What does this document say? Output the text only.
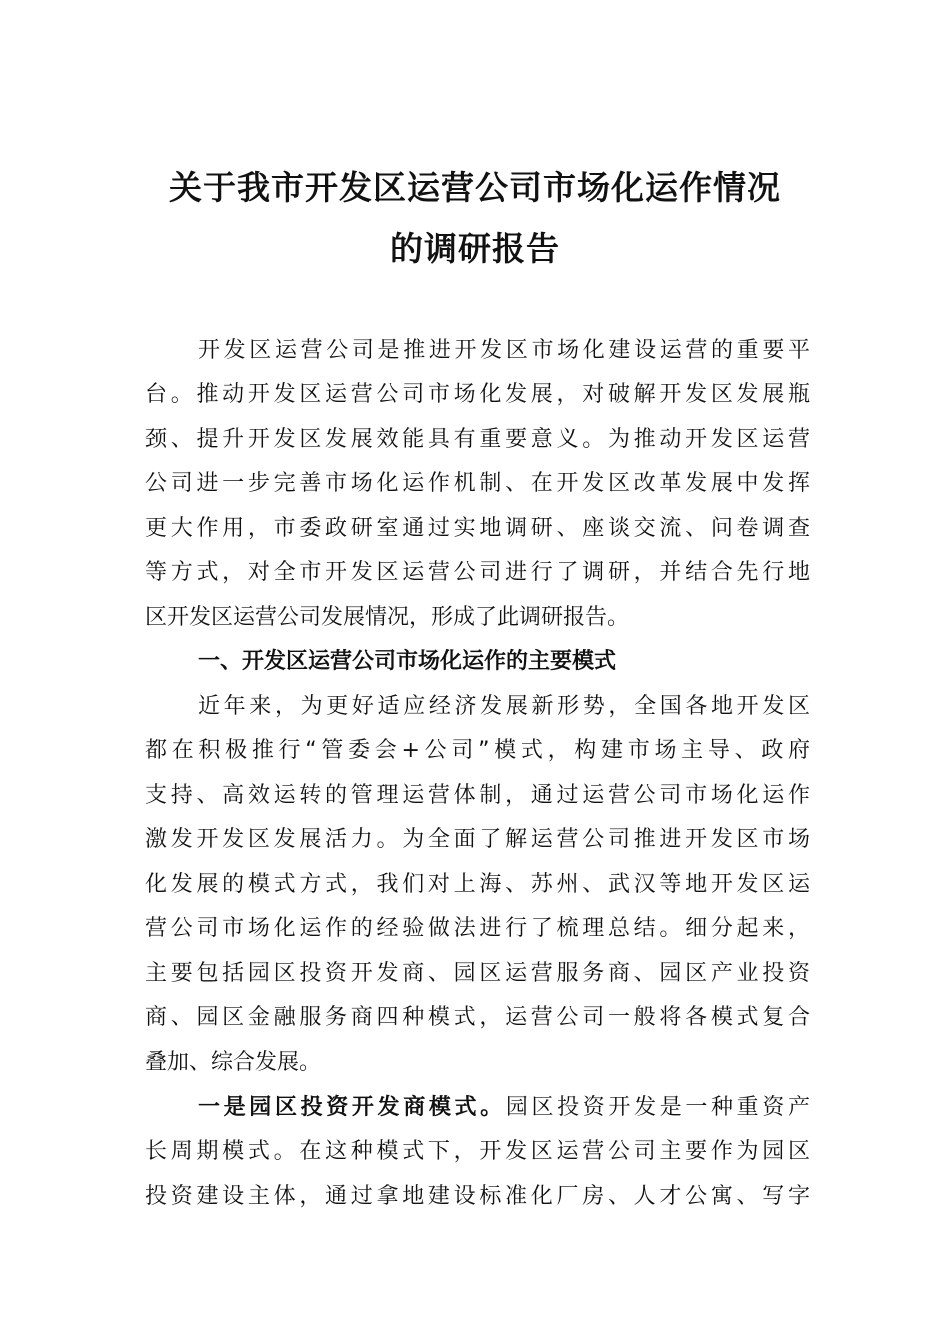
关于我市开发区运营公司市场化运作情况
的调研报告
开发区运营公司是推进开发区市场化建设运营的重要平
台。推动开发区运营公司市场化发展，对破解开发区发展瓶
颈、提升开发区发展效能具有重要意义。为推动开发区运营
公司进一步完善市场化运作机制、在开发区改革发展中发挥
更大作用，市委政研室通过实地调研、座谈交流、问卷调查
等方式，对全市开发区运营公司进行了调研，并结合先行地
区开发区运营公司发展情况，形成了此调研报告。
一、开发区运营公司市场化运作的主要模式
近年来，为更好适应经济发展新形势，全国各地开发区
都在积极推行“管委会+公司”模式，构建市场主导、政府
支持、高效运转的管理运营体制，通过运营公司市场化运作
激发开发区发展活力。为全面了解运营公司推进开发区市场
化发展的模式方式，我们对上海、苏州、武汉等地开发区运
营公司市场化运作的经验做法进行了梳理总结。细分起来，
主要包括园区投资开发商、园区运营服务商、园区产业投资
商、园区金融服务商四种模式，运营公司一般将各模式复合
叠加、综合发展。
一是园区投资开发商模式。园区投资开发是一种重资产
长周期模式。在这种模式下，开发区运营公司主要作为园区
投资建设主体，通过拿地建设标准化厂房、人才公寓、写字
